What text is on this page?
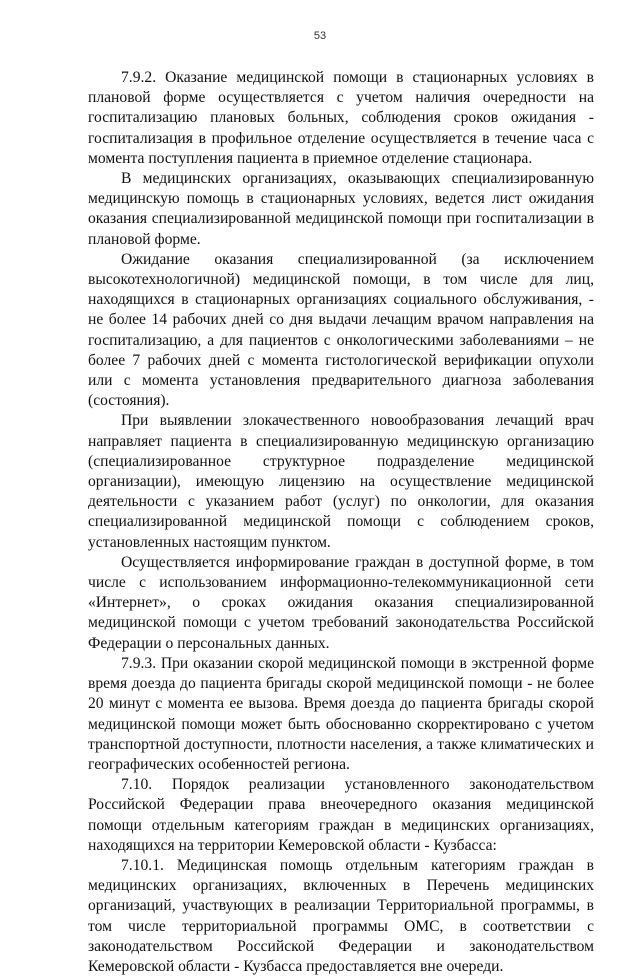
53

7.9.2. Оказание медицинской помощи в стационарных условиях в плановой форме осуществляется с учетом наличия очередности на госпитализацию плановых больных, соблюдения сроков ожидания - госпитализация в профильное отделение осуществляется в течение часа с момента поступления пациента в приемное отделение стационара.

В медицинских организациях, оказывающих специализированную медицинскую помощь в стационарных условиях, ведется лист ожидания оказания специализированной медицинской помощи при госпитализации в плановой форме.

Ожидание оказания специализированной (за исключением высокотехнологичной) медицинской помощи, в том числе для лиц, находящихся в стационарных организациях социального обслуживания, - не более 14 рабочих дней со дня выдачи лечащим врачом направления на госпитализацию, а для пациентов с онкологическими заболеваниями – не более 7 рабочих дней с момента гистологической верификации опухоли или с момента установления предварительного диагноза заболевания (состояния).

При выявлении злокачественного новообразования лечащий врач направляет пациента в специализированную медицинскую организацию (специализированное структурное подразделение медицинской организации), имеющую лицензию на осуществление медицинской деятельности с указанием работ (услуг) по онкологии, для оказания специализированной медицинской помощи с соблюдением сроков, установленных настоящим пунктом.

Осуществляется информирование граждан в доступной форме, в том числе с использованием информационно-телекоммуникационной сети «Интернет», о сроках ожидания оказания специализированной медицинской помощи с учетом требований законодательства Российской Федерации о персональных данных.

7.9.3. При оказании скорой медицинской помощи в экстренной форме время доезда до пациента бригады скорой медицинской помощи - не более 20 минут с момента ее вызова. Время доезда до пациента бригады скорой медицинской помощи может быть обоснованно скорректировано с учетом транспортной доступности, плотности населения, а также климатических и географических особенностей региона.

7.10. Порядок реализации установленного законодательством Российской Федерации права внеочередного оказания медицинской помощи отдельным категориям граждан в медицинских организациях, находящихся на территории Кемеровской области - Кузбасса:

7.10.1. Медицинская помощь отдельным категориям граждан в медицинских организациях, включенных в Перечень медицинских организаций, участвующих в реализации Территориальной программы, в том числе территориальной программы ОМС, в соответствии с законодательством Российской Федерации и законодательством Кемеровской области - Кузбасса предоставляется вне очереди.
